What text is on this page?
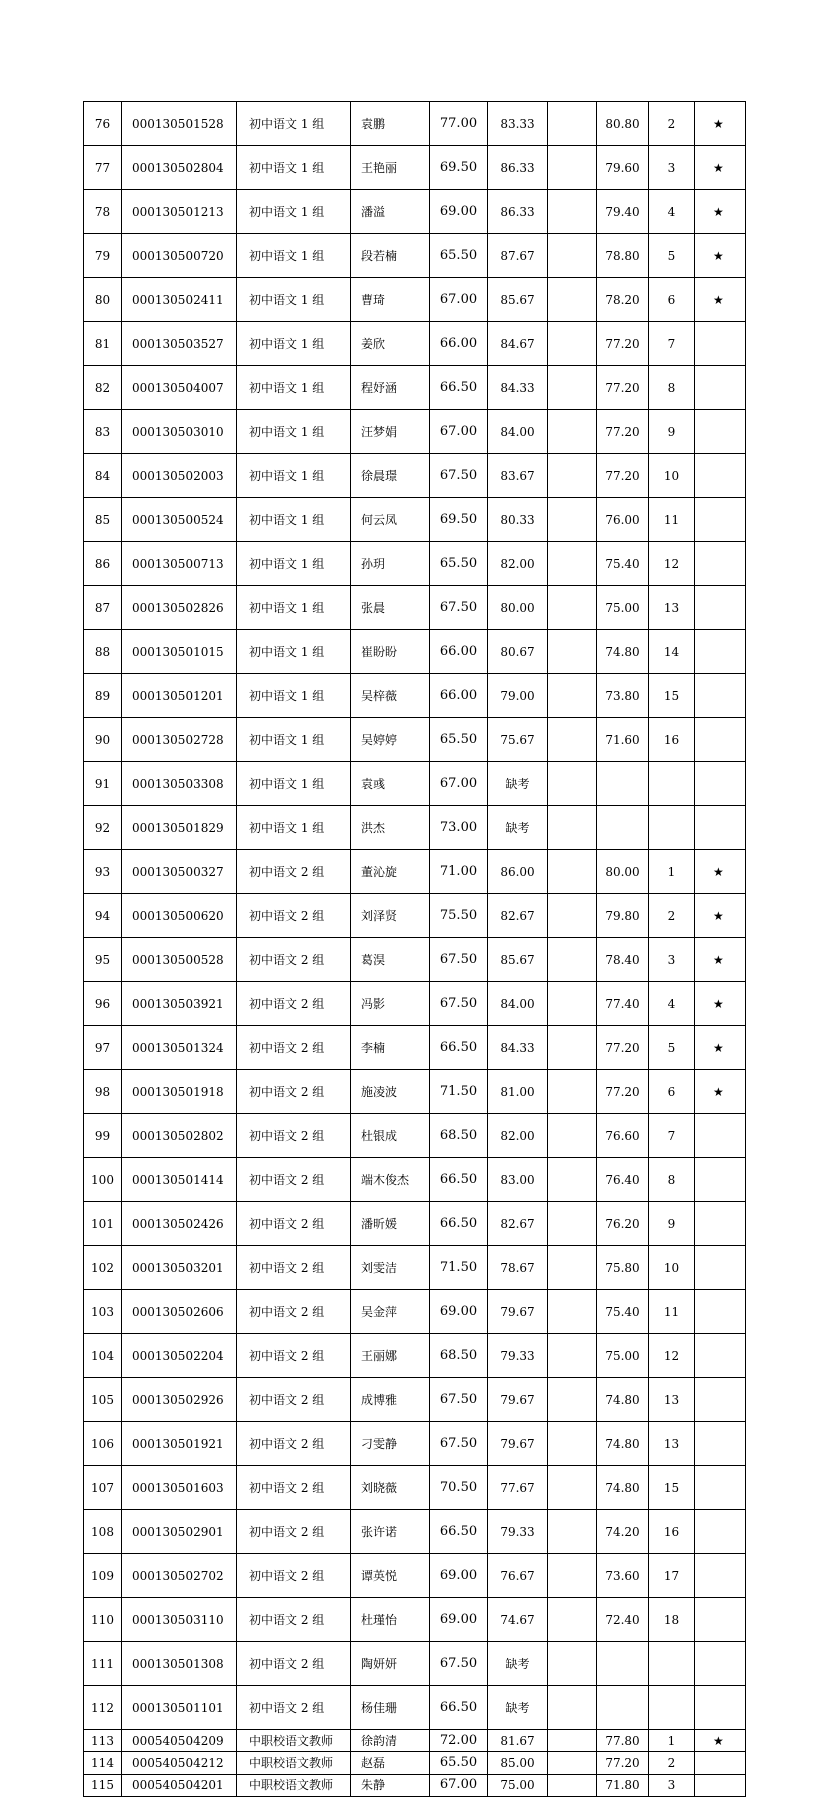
76	000130501528	初中语文 1 组	袁鹏	77.00	83.33		80.80	2	★
77	000130502804	初中语文 1 组	王艳丽	69.50	86.33		79.60	3	★
78	000130501213	初中语文 1 组	潘溢	69.00	86.33		79.40	4	★
79	000130500720	初中语文 1 组	段若楠	65.50	87.67		78.80	5	★
80	000130502411	初中语文 1 组	曹琦	67.00	85.67		78.20	6	★
81	000130503527	初中语文 1 组	姜欣	66.00	84.67		77.20	7	
82	000130504007	初中语文 1 组	程妤涵	66.50	84.33		77.20	8	
83	000130503010	初中语文 1 组	汪梦娟	67.00	84.00		77.20	9	
84	000130502003	初中语文 1 组	徐晨璟	67.50	83.67		77.20	10	
85	000130500524	初中语文 1 组	何云凤	69.50	80.33		76.00	11	
86	000130500713	初中语文 1 组	孙玥	65.50	82.00		75.40	12	
87	000130502826	初中语文 1 组	张晨	67.50	80.00		75.00	13	
88	000130501015	初中语文 1 组	崔盼盼	66.00	80.67		74.80	14	
89	000130501201	初中语文 1 组	吴梓薇	66.00	79.00		73.80	15	
90	000130502728	初中语文 1 组	吴婷婷	65.50	75.67		71.60	16	
91	000130503308	初中语文 1 组	袁彧	67.00	缺考				
92	000130501829	初中语文 1 组	洪杰	73.00	缺考				
93	000130500327	初中语文 2 组	董沁旋	71.00	86.00		80.00	1	★
94	000130500620	初中语文 2 组	刘泽贤	75.50	82.67		79.80	2	★
95	000130500528	初中语文 2 组	葛淏	67.50	85.67		78.40	3	★
96	000130503921	初中语文 2 组	冯影	67.50	84.00		77.40	4	★
97	000130501324	初中语文 2 组	李楠	66.50	84.33		77.20	5	★
98	000130501918	初中语文 2 组	施凌波	71.50	81.00		77.20	6	★
99	000130502802	初中语文 2 组	杜银成	68.50	82.00		76.60	7	
100	000130501414	初中语文 2 组	端木俊杰	66.50	83.00		76.40	8	
101	000130502426	初中语文 2 组	潘昕媛	66.50	82.67		76.20	9	
102	000130503201	初中语文 2 组	刘雯洁	71.50	78.67		75.80	10	
103	000130502606	初中语文 2 组	吴金萍	69.00	79.67		75.40	11	
104	000130502204	初中语文 2 组	王丽娜	68.50	79.33		75.00	12	
105	000130502926	初中语文 2 组	成博雅	67.50	79.67		74.80	13	
106	000130501921	初中语文 2 组	刁雯静	67.50	79.67		74.80	13	
107	000130501603	初中语文 2 组	刘晓薇	70.50	77.67		74.80	15	
108	000130502901	初中语文 2 组	张许诺	66.50	79.33		74.20	16	
109	000130502702	初中语文 2 组	谭英悦	69.00	76.67		73.60	17	
110	000130503110	初中语文 2 组	杜瑾怡	69.00	74.67		72.40	18	
111	000130501308	初中语文 2 组	陶妍妍	67.50	缺考				
112	000130501101	初中语文 2 组	杨佳珊	66.50	缺考				
113	000540504209	中职校语文教师	徐韵清	72.00	81.67		77.80	1	★
114	000540504212	中职校语文教师	赵磊	65.50	85.00		77.20	2	
115	000540504201	中职校语文教师	朱静	67.00	75.00		71.80	3	
